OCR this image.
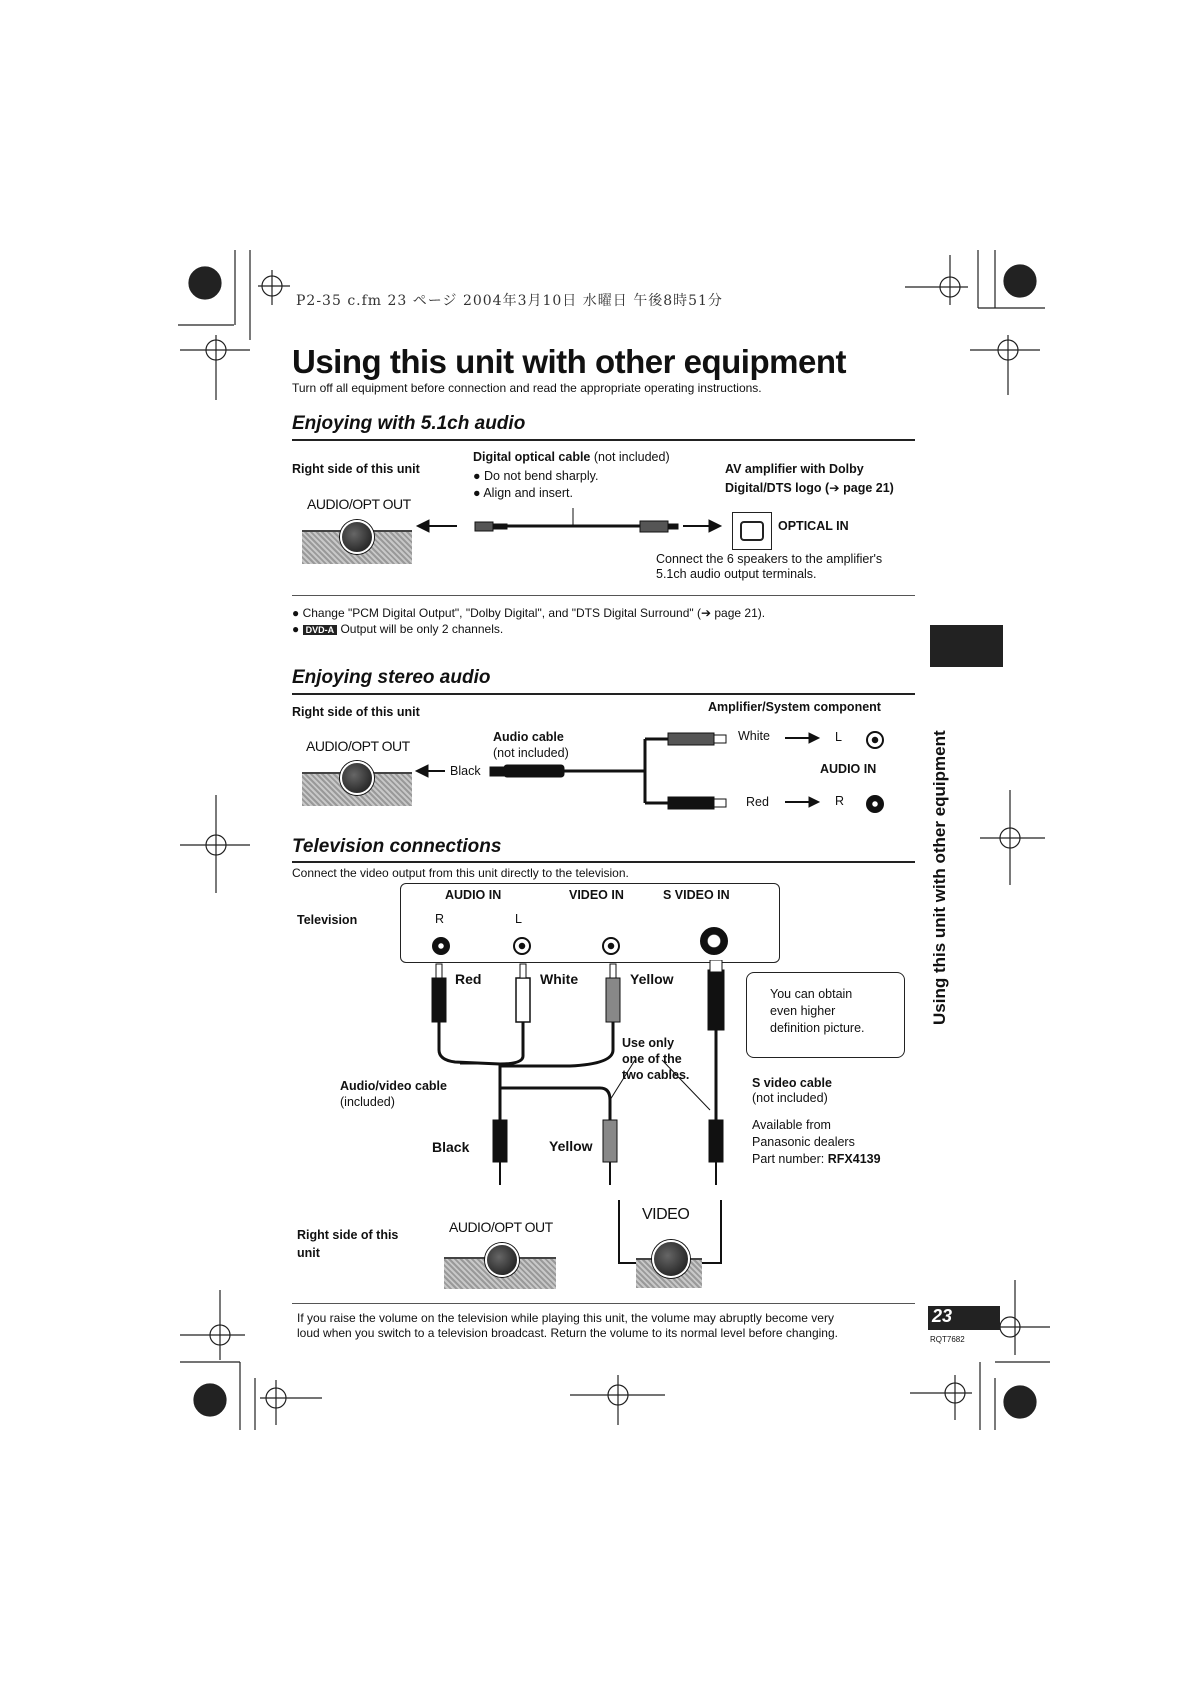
P2-35 c.fm 23 ページ 2004年3月10日 水曜日 午後8時51分
Using this unit with other equipment
Turn off all equipment before connection and read the appropriate operating instructions.
Enjoying with 5.1ch audio
Right side of this unit
AUDIO/OPT OUT
Digital optical cable (not included)
● Do not bend sharply.
● Align and insert.
AV amplifier with Dolby
Digital/DTS logo (➔ page 21)
OPTICAL IN
Connect the 6 speakers to the amplifier's
5.1ch audio output terminals.
● Change "PCM Digital Output", "Dolby Digital", and "DTS Digital Surround" (➔ page 21).
● DVD-A Output will be only 2 channels.
Using this unit with other equipment
Enjoying stereo audio
Right side of this unit	Amplifier/System component
AUDIO/OPT OUT
Audio cable
(not included)
Black
White
Red
L
AUDIO IN
R
Television connections
Connect the video output from this unit directly to the television.
Television
AUDIO IN	VIDEO IN	S VIDEO IN
R	L
Red	White	Yellow
You can obtain
even higher
definition picture.
Use only
one of the
two cables.
Audio/video cable
(included)
S video cable
(not included)
Available from
Panasonic dealers
Part number: RFX4139
Black	Yellow
Right side of this
unit
AUDIO/OPT OUT
VIDEO
If you raise the volume on the television while playing this unit, the volume may abruptly become very
loud when you switch to a television broadcast. Return the volume to its normal level before changing.
23
RQT7682
